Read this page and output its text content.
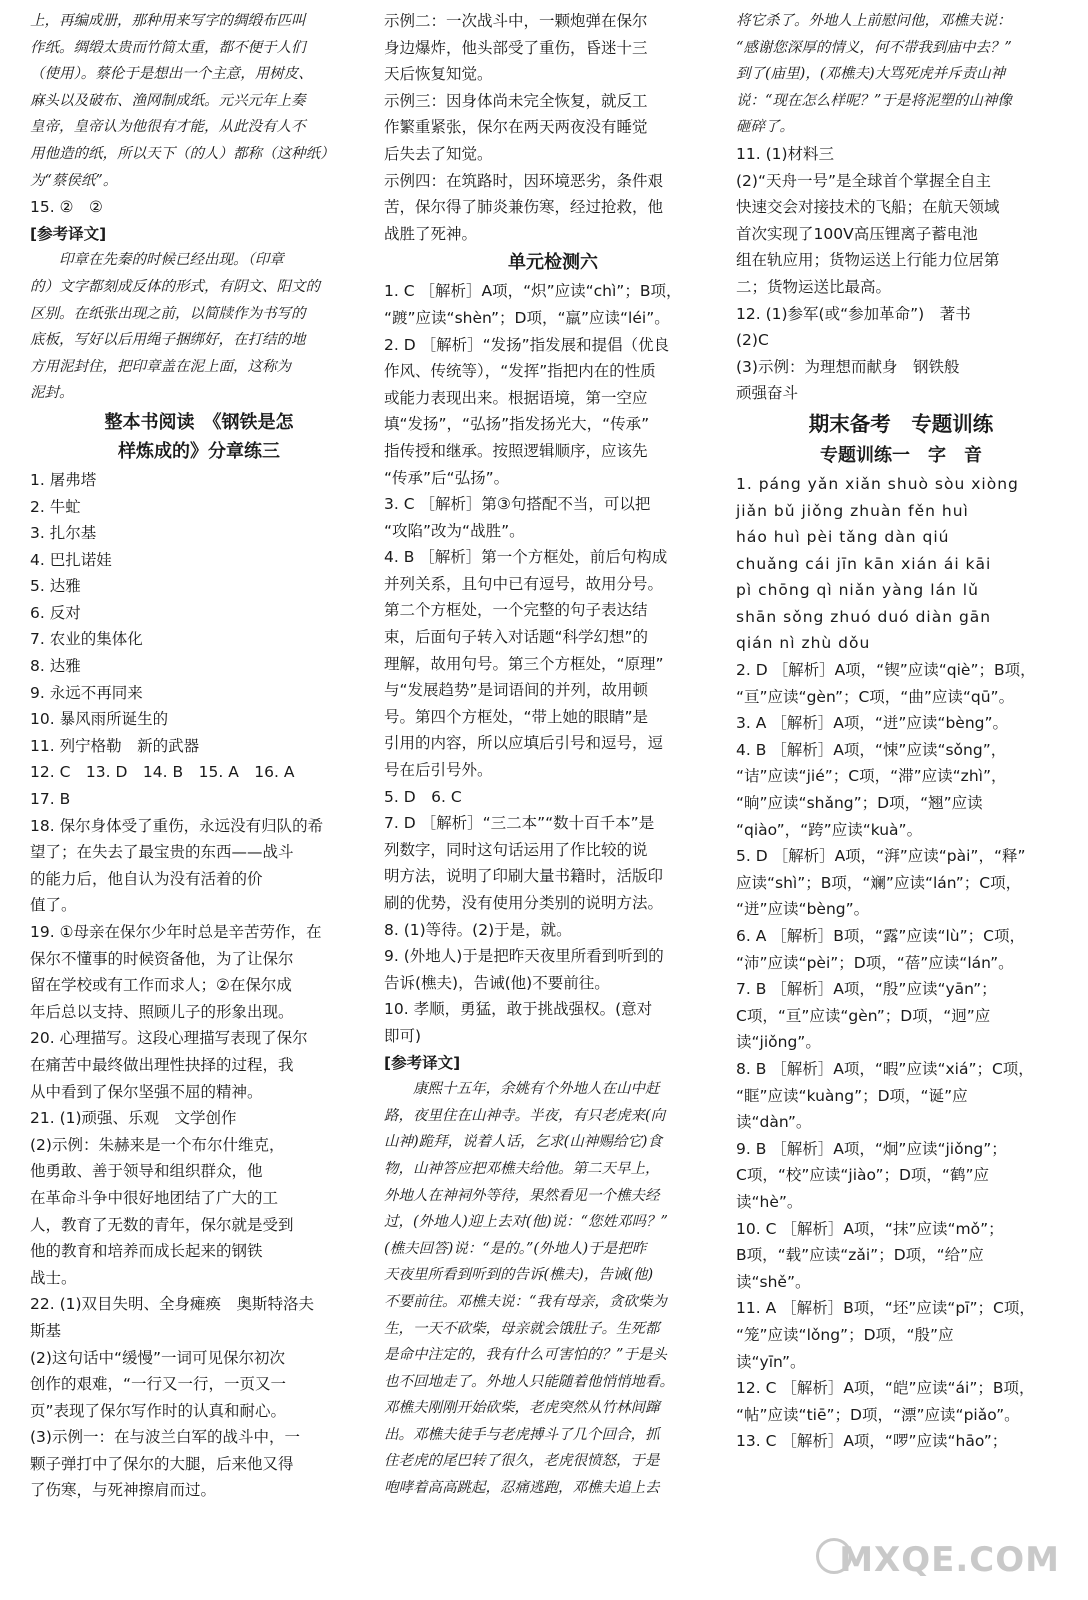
上，再编成册，那种用来写字的绸缎布匹叫
作纸。绸缎太贵而竹简太重，都不便于人们
（使用）。蔡伦于是想出一个主意，用树皮、
麻头以及破布、渔网制成纸。元兴元年上奏
皇帝，皇帝认为他很有才能，从此没有人不
用他造的纸，所以天下（的人）都称（这种纸）
为“蔡侯纸”。

15. ②　②

[参考译文]

印章在先秦的时候已经出现。（印章
的）文字都刻成反体的形式，有阴文、阳文的
区别。在纸张出现之前，以简牍作为书写的
底板，写好以后用绳子捆绑好，在打结的地
方用泥封住，把印章盖在泥上面，这称为
泥封。

整本书阅读　《钢铁是怎
样炼成的》分章练三

1. 屠弗塔
2. 牛虻
3. 扎尔基
4. 巴扎诺娃
5. 达雅
6. 反对
7. 农业的集体化
8. 达雅
9. 永远不再同来
10. 暴风雨所诞生的
11. 列宁格勒　新的武器
12. C　13. D　14. B　15. A　16. A
17. B

18. 保尔身体受了重伤，永远没有归队的希
望了；在失去了最宝贵的东西——战斗
的能力后，他自认为没有活着的价
值了。

19. ①母亲在保尔少年时总是辛苦劳作，在
保尔不懂事的时候资备他，为了让保尔
留在学校或有工作而求人；②在保尔成
年后总以支持、照顾儿子的形象出现。

20. 心理描写。这段心理描写表现了保尔
在痛苦中最终做出理性抉择的过程，我
从中看到了保尔坚强不屈的精神。

21. (1)顽强、乐观　文学创作
(2)示例：朱赫来是一个布尔什维克，
他勇敢、善于领导和组织群众，他
在革命斗争中很好地团结了广大的工
人，教育了无数的青年，保尔就是受到
他的教育和培养而成长起来的钢铁
战士。

22. (1)双目失明、全身瘫痪　奥斯特洛夫
斯基
(2)这句话中“缓慢”一词可见保尔初次
创作的艰难，“一行又一行，一页又一
页”表现了保尔写作时的认真和耐心。
(3)示例一：在与波兰白军的战斗中，一
颗子弹打中了保尔的大腿，后来他又得
了伤寒，与死神擦肩而过。

示例二：一次战斗中，一颗炮弹在保尔
身边爆炸，他头部受了重伤，昏迷十三
天后恢复知觉。
示例三：因身体尚未完全恢复，就反工
作繁重紧张，保尔在两天两夜没有睡觉
后失去了知觉。
示例四：在筑路时，因环境恶劣，条件艰
苦，保尔得了肺炎兼伤寒，经过抢救，他
战胜了死神。

单元检测六

1. C ［解析］A项，“炽”应读“chì”；B项，
“踱”应读“shèn”；D项，“羸”应读“léi”。
2. D ［解析］“发扬”指发展和提倡（优良
作风、传统等），“发挥”指把内在的性质
或能力表现出来。根据语境，第一空应
填“发扬”，“弘扬”指发扬光大，“传承”
指传授和继承。按照逻辑顺序，应该先
“传承”后“弘扬”。
3. C ［解析］第③句搭配不当，可以把
“攻陷”改为“战胜”。
4. B ［解析］第一个方框处，前后句构成
并列关系，且句中已有逗号，故用分号。
第二个方框处，一个完整的句子表达结
束，后面句子转入对话题“科学幻想”的
理解，故用句号。第三个方框处，“原理”
与“发展趋势”是词语间的并列，故用顿
号。第四个方框处，“带上她的眼睛”是
引用的内容，所以应填后引号和逗号，逗
号在后引号外。
5. D　6. C
7. D ［解析］“三二本”“数十百千本”是
列数字，同时这句话运用了作比较的说
明方法，说明了印刷大量书籍时，活版印
刷的优势，没有使用分类别的说明方法。
8. (1)等待。(2)于是，就。
9. (外地人)于是把昨天夜里所看到听到的
告诉(樵夫)，告诫(他)不要前往。
10. 孝顺，勇猛，敢于挑战强权。(意对
即可)

[参考译文]

康熙十五年，余姚有个外地人在山中赶
路，夜里住在山神寺。半夜，有只老虎来(向
山神)跪拜，说着人话，乞求(山神赐给它)食
物，山神答应把邓樵夫给他。第二天早上，
外地人在神祠外等待，果然看见一个樵夫经
过，(外地人)迎上去对(他)说：“您姓邓吗？”
(樵夫回答)说：“是的。”(外地人)于是把昨
天夜里所看到听到的告诉(樵夫)，告诫(他)
不要前往。邓樵夫说：“我有母亲，贪砍柴为
生，一天不砍柴，母亲就会饿肚子。生死都
是命中注定的，我有什么可害怕的？”于是头
也不回地走了。外地人只能随着他悄悄地看。
邓樵夫刚刚开始砍柴，老虎突然从竹林间蹿
出。邓樵夫徒手与老虎搏斗了几个回合，抓
住老虎的尾巴转了很久，老虎很愤怒，于是
咆哮着高高跳起，忍痛逃跑，邓樵夫追上去

将它杀了。外地人上前慰问他，邓樵夫说：
“感谢您深厚的情义，何不带我到庙中去？”
到了(庙里)，(邓樵夫)大骂死虎并斥责山神
说：“现在怎么样呢？”于是将泥塑的山神像
砸碎了。

11. (1)材料三
(2)“天舟一号”是全球首个掌握全自主
快速交会对接技术的飞船；在航天领域
首次实现了100V高压锂离子蓄电池
组在轨应用；货物运送上行能力位居第
二；货物运送比最高。

12. (1)参军(或“参加革命”)　著书
(2)C
(3)示例：为理想而献身　钢铁般
顽强奋斗

期末备考　专题训练
专题训练一　字　音

1. páng yǎn xiǎn shuò sòu xiòng
jiǎn bǔ jiǒng zhuàn fěn huì
háo huì pèi tǎng dàn qiú
chuǎng cái jīn kān xián ái kāi
pì chōng qì niǎn yàng lán lǔ
shān sǒng zhuó duó diàn gān
qián nì zhù dǒu

2. D ［解析］A项，“锲”应读“qiè”；B项，
“亘”应读“gèn”；C项，“曲”应读“qū”。
3. A ［解析］A项，“迸”应读“bèng”。
4. B ［解析］A项，“悚”应读“sǒng”，
“诘”应读“jié”；C项，“滞”应读“zhì”，
“晌”应读“shǎng”；D项，“翘”应读
“qiào”，“跨”应读“kuà”。
5. D ［解析］A项，“湃”应读“pài”，“释”
应读“shì”；B项，“斓”应读“lán”；C项，
“迸”应读“bèng”。
6. A ［解析］B项，“露”应读“lù”；C项，
“沛”应读“pèi”；D项，“蓓”应读“lán”。
7. B ［解析］A项，“殷”应读“yān”；
C项，“亘”应读“gèn”；D项，“迥”应
读“jiǒng”。
8. B ［解析］A项，“暇”应读“xiá”；C项，
“眶”应读“kuàng”；D项，“诞”应
读“dàn”。
9. B ［解析］A项，“炯”应读“jiǒng”；
C项，“校”应读“jiào”；D项，“鹤”应
读“hè”。
10. C ［解析］A项，“抹”应读“mǒ”；
B项，“载”应读“zǎi”；D项，“给”应
读“shě”。
11. A ［解析］B项，“坯”应读“pī”；C项，
“笼”应读“lǒng”；D项，“殷”应
读“yīn”。
12. C ［解析］A项，“皑”应读“ái”；B项，
“帖”应读“tiē”；D项，“漂”应读“piǎo”。
13. C ［解析］A项，“啰”应读“hāo”；

MXQE.COM
